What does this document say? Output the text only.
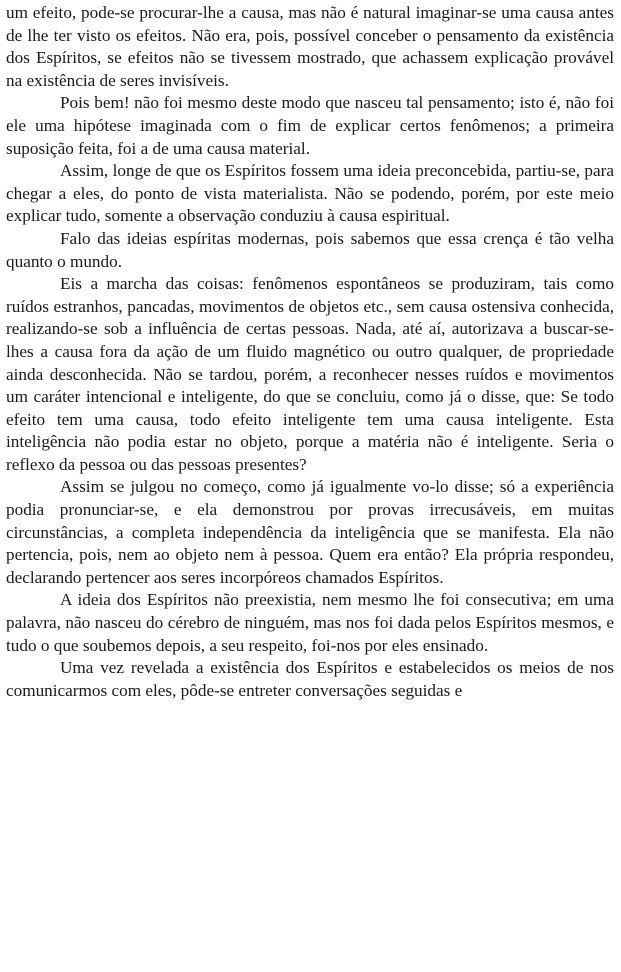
um efeito, pode-se procurar-lhe a causa, mas não é natural imaginar-se uma causa antes de lhe ter visto os efeitos. Não era, pois, possível conceber o pensamento da existência dos Espíritos, se efeitos não se tivessem mostrado, que achassem explicação provável na existência de seres invisíveis.

Pois bem! não foi mesmo deste modo que nasceu tal pensamento; isto é, não foi ele uma hipótese imaginada com o fim de explicar certos fenômenos; a primeira suposição feita, foi a de uma causa material.

Assim, longe de que os Espíritos fossem uma ideia preconcebida, partiu-se, para chegar a eles, do ponto de vista materialista. Não se podendo, porém, por este meio explicar tudo, somente a observação conduziu à causa espiritual.

Falo das ideias espíritas modernas, pois sabemos que essa crença é tão velha quanto o mundo.

Eis a marcha das coisas: fenômenos espontâneos se produziram, tais como ruídos estranhos, pancadas, movimentos de objetos etc., sem causa ostensiva conhecida, realizando-se sob a influência de certas pessoas. Nada, até aí, autorizava a buscar-se-lhes a causa fora da ação de um fluido magnético ou outro qualquer, de propriedade ainda desconhecida. Não se tardou, porém, a reconhecer nesses ruídos e movimentos um caráter intencional e inteligente, do que se concluiu, como já o disse, que: Se todo efeito tem uma causa, todo efeito inteligente tem uma causa inteligente. Esta inteligência não podia estar no objeto, porque a matéria não é inteligente. Seria o reflexo da pessoa ou das pessoas presentes?

Assim se julgou no começo, como já igualmente vo-lo disse; só a experiência podia pronunciar-se, e ela demonstrou por provas irrecusáveis, em muitas circunstâncias, a completa independência da inteligência que se manifesta. Ela não pertencia, pois, nem ao objeto nem à pessoa. Quem era então? Ela própria respondeu, declarando pertencer aos seres incorpóreos chamados Espíritos.

A ideia dos Espíritos não preexistia, nem mesmo lhe foi consecutiva; em uma palavra, não nasceu do cérebro de ninguém, mas nos foi dada pelos Espíritos mesmos, e tudo o que soubemos depois, a seu respeito, foi-nos por eles ensinado.

Uma vez revelada a existência dos Espíritos e estabelecidos os meios de nos comunicarmos com eles, pôde-se entreter conversações seguidas e
